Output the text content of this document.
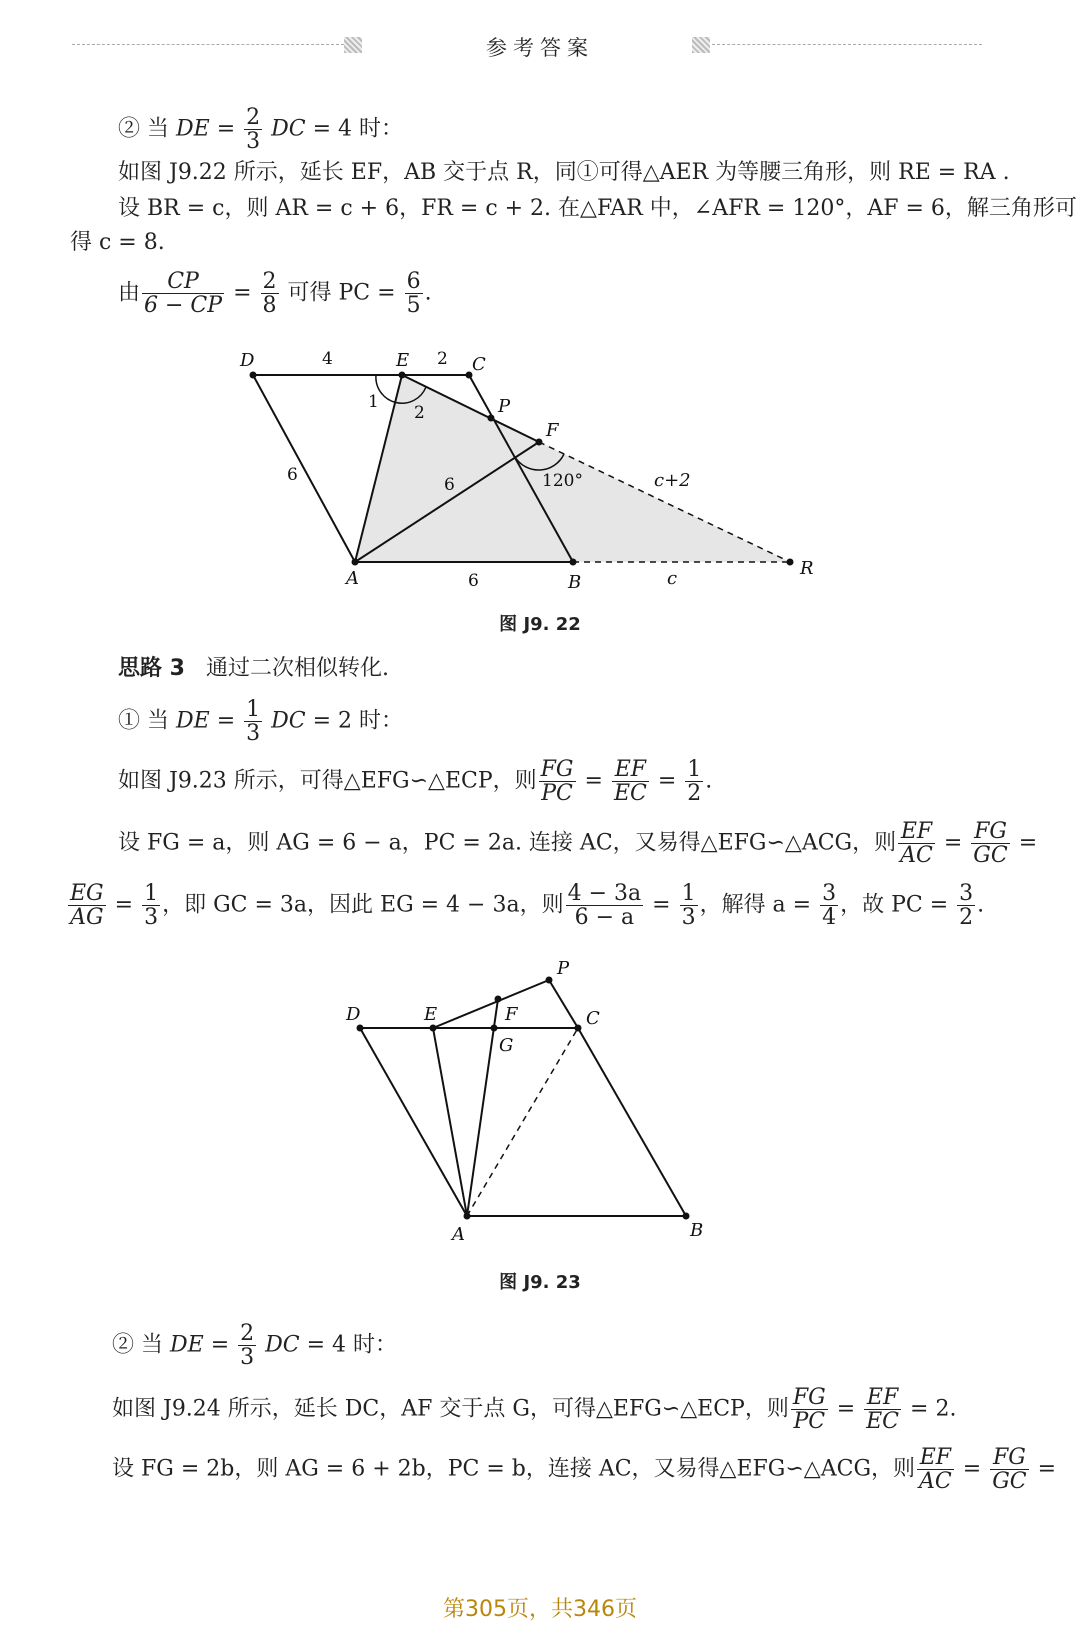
参考答案
② 当 DE = $\frac{2}{3}$ DC = 4 时：
如图 J9.22 所示，延长 EF，AB 交于点 R，同①可得△AER 为等腰三角形，则 RE = RA .
设 BR = c，则 AR = c + 6，FR = c + 2. 在△FAR 中，∠AFR = 120°，AF = 6，解三角形可
得 c = 8.
由 $\frac{CP}{6 - CP} = \frac{2}{8}$ 可得 PC = $\frac{6}{5}$ .
D	E	C
P
F
A	B
R
c
c+2
4	2
6	6
6
1
2
120°
图 J9. 22
思路 3 通过二次相似转化.
① 当 DE = $\frac{1}{3}$ DC = 2 时：
如图 J9.23 所示，可得△EFG∽△ECP，则 $\frac{FG}{PC} = \frac{EF}{EC} = \frac{1}{2}$ .
设 FG = a，则 AG = 6 − a，PC = 2a. 连接 AC，又易得△EFG∽△ACG，则 $\frac{EF}{AC} = \frac{FG}{GC}$ =
$\frac{EG}{AG} = \frac{1}{3}$ ，即 GC = 3a，因此 EG = 4 − 3a，则 $\frac{4 - 3a}{6 - a} = \frac{1}{3}$ ，解得 $a = \frac{3}{4}$ ，故 PC = $\frac{3}{2}$ .
D	E	F
G
C
P
A	B
图 J9. 23
② 当 DE = $\frac{2}{3}$ DC = 4 时：
如图 J9.24 所示，延长 DC，AF 交于点 G，可得△EFG∽△ECP，则 $\frac{FG}{PC} = \frac{EF}{EC} = 2$.
设 FG = 2b，则 AG = 6 + 2b，PC = b，连接 AC，又易得△EFG∽△ACG，则 $\frac{EF}{AC} = \frac{FG}{GC}$ =
第305页，共346页
